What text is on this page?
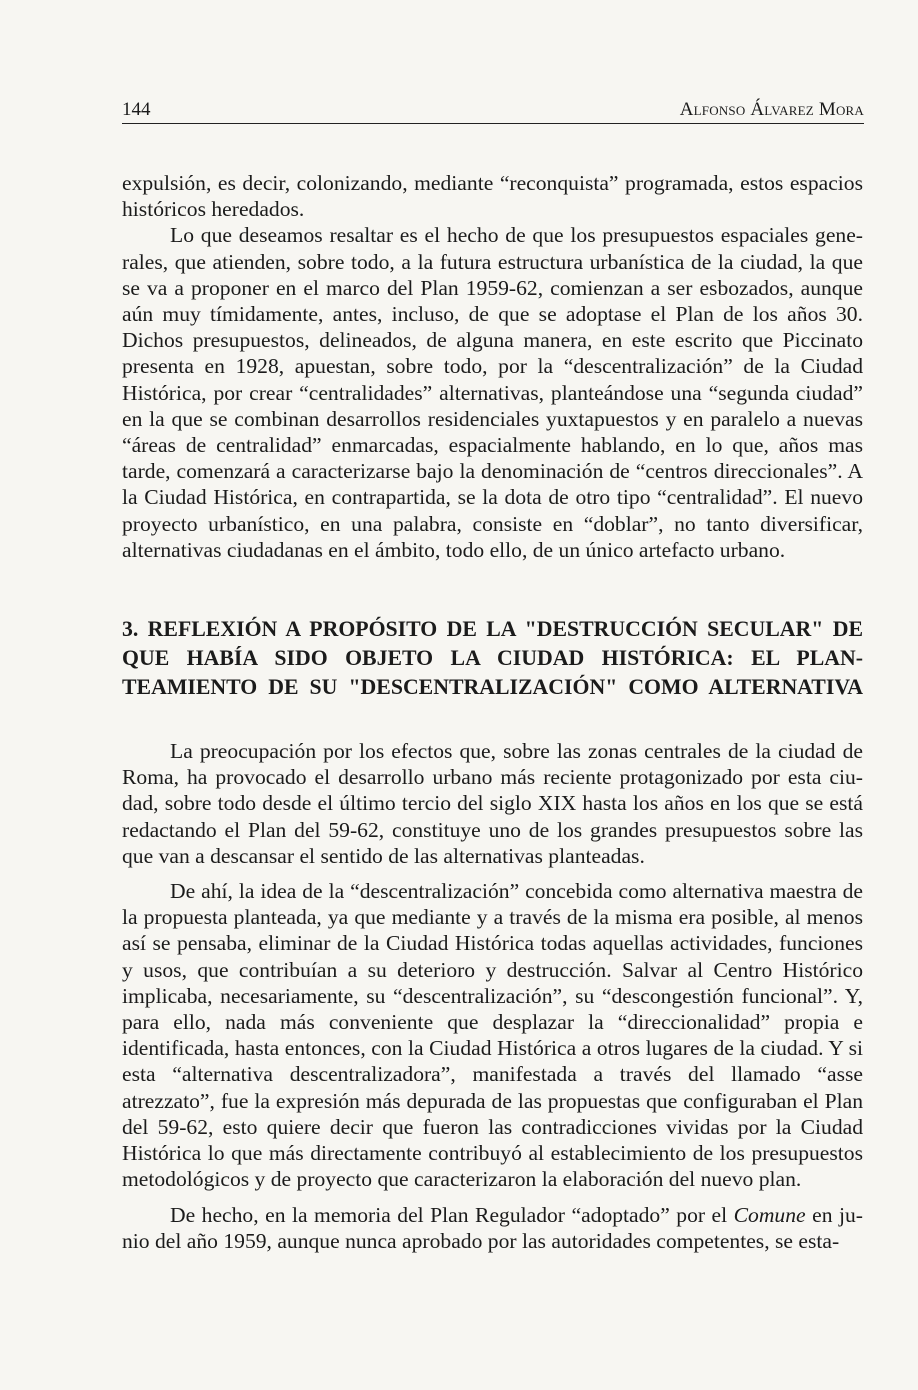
144	Alfonso Álvarez Mora

expulsión, es decir, colonizando, mediante “reconquista” programada, estos espacios históricos heredados.

Lo que deseamos resaltar es el hecho de que los presupuestos espaciales generales, que atienden, sobre todo, a la futura estructura urbanística de la ciudad, la que se va a proponer en el marco del Plan 1959-62, comienzan a ser esbozados, aunque aún muy tímidamente, antes, incluso, de que se adoptase el Plan de los años 30. Dichos presupuestos, delineados, de alguna manera, en este escrito que Piccinato presenta en 1928, apuestan, sobre todo, por la “descentralización” de la Ciudad Histórica, por crear “centralidades” alternativas, planteándose una “segunda ciudad” en la que se combinan desarrollos residenciales yuxtapuestos y en paralelo a nuevas “áreas de centralidad” enmarcadas, espacialmente hablando, en lo que, años mas tarde, comenzará a caracterizarse bajo la denominación de “centros direccionales”. A la Ciudad Histórica, en contrapartida, se la dota de otro tipo “centralidad”. El nuevo proyecto urbanístico, en una palabra, consiste en “doblar”, no tanto diversificar, alternativas ciudadanas en el ámbito, todo ello, de un único artefacto urbano.

3. REFLEXIÓN A PROPÓSITO DE LA "DESTRUCCIÓN SECULAR" DE QUE HABÍA SIDO OBJETO LA CIUDAD HISTÓRICA: EL PLANTEAMIENTO DE SU "DESCENTRALIZACIÓN" COMO ALTERNATIVA

La preocupación por los efectos que, sobre las zonas centrales de la ciudad de Roma, ha provocado el desarrollo urbano más reciente protagonizado por esta ciudad, sobre todo desde el último tercio del siglo XIX hasta los años en los que se está redactando el Plan del 59-62, constituye uno de los grandes presupuestos sobre las que van a descansar el sentido de las alternativas planteadas.

De ahí, la idea de la “descentralización” concebida como alternativa maestra de la propuesta planteada, ya que mediante y a través de la misma era posible, al menos así se pensaba, eliminar de la Ciudad Histórica todas aquellas actividades, funciones y usos, que contribuían a su deterioro y destrucción. Salvar al Centro Histórico implicaba, necesariamente, su “descentralización”, su “descongestión funcional”. Y, para ello, nada más conveniente que desplazar la “direccionalidad” propia e identificada, hasta entonces, con la Ciudad Histórica a otros lugares de la ciudad. Y si esta “alternativa descentralizadora”, manifestada a través del llamado “asse atrezzato”, fue la expresión más depurada de las propuestas que configuraban el Plan del 59-62, esto quiere decir que fueron las contradicciones vividas por la Ciudad Histórica lo que más directamente contribuyó al establecimiento de los presupuestos metodológicos y de proyecto que caracterizaron la elaboración del nuevo plan.

De hecho, en la memoria del Plan Regulador “adoptado” por el Comune en junio del año 1959, aunque nunca aprobado por las autoridades competentes, se esta-
